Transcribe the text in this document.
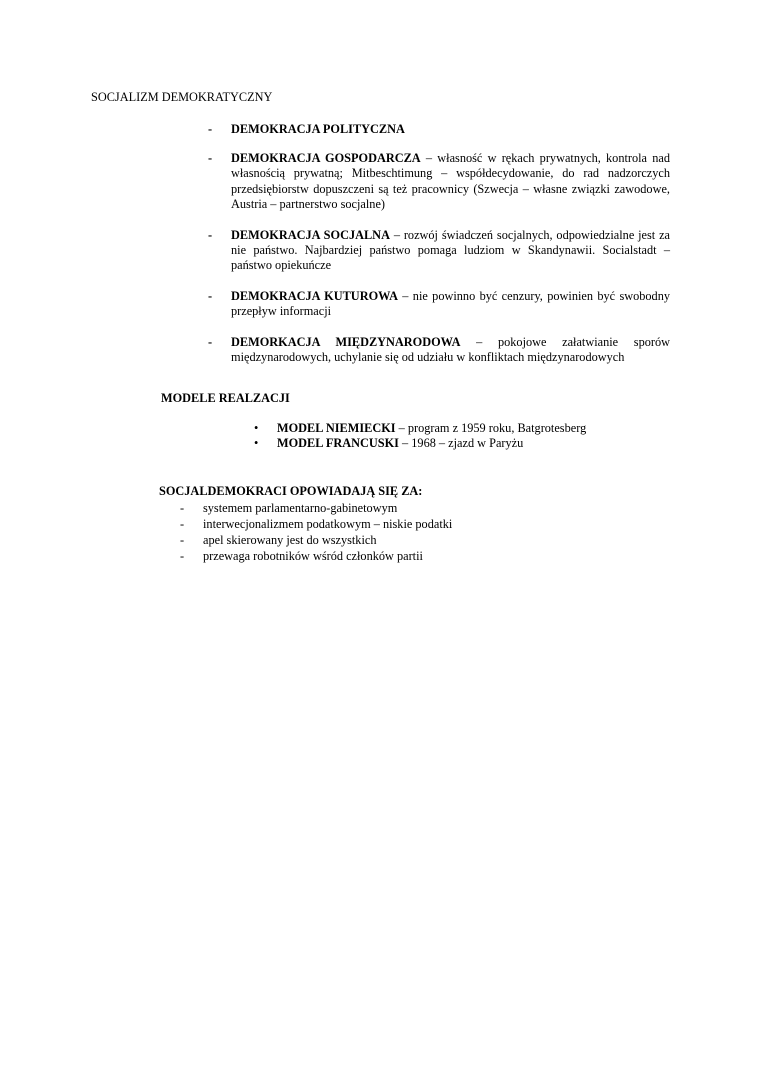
SOCJALIZM DEMOKRATYCZNY
- DEMOKRACJA POLITYCZNA
- DEMOKRACJA GOSPODARCZA – własność w rękach prywatnych, kontrola nad własnością prywatną; Mitbeschtimung – współdecydowanie, do rad nadzorczych przedsiębiorstw dopuszczeni są też pracownicy (Szwecja – własne związki zawodowe, Austria – partnerstwo socjalne)
- DEMOKRACJA SOCJALNA – rozwój świadczeń socjalnych, odpowiedzialne jest za nie państwo. Najbardziej państwo pomaga ludziom w Skandynawii. Socialstadt – państwo opiekuńcze
- DEMOKRACJA KUTUROWA – nie powinno być cenzury, powinien być swobodny przepływ informacji
- DEMORKACJA MIĘDZYNARODOWA – pokojowe załatwianie sporów międzynarodowych, uchylanie się od udziału w konfliktach międzynarodowych
MODELE REALZACJI
• MODEL NIEMIECKI – program z 1959 roku, Batgrotesberg
• MODEL FRANCUSKI – 1968 – zjazd w Paryżu
SOCJALDEMOKRACI OPOWIADAJĄ SIĘ ZA:
- systemem parlamentarno-gabinetowym
- interwecjonalizmem podatkowym – niskie podatki
- apel skierowany jest do wszystkich
- przewaga robotników wśród członków partii
